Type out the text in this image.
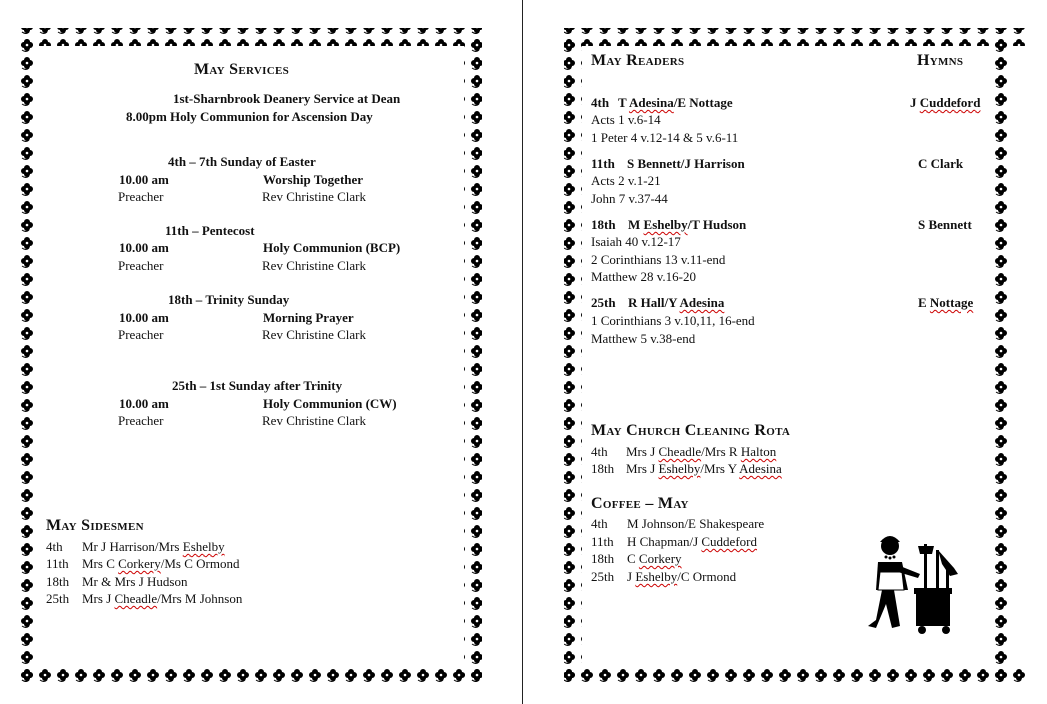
May Services
1st-Sharnbrook Deanery Service at Dean
8.00pm Holy Communion for Ascension Day
4th – 7th Sunday of Easter
10.00 am	Worship Together
Preacher	Rev Christine Clark
11th – Pentecost
10.00 am	Holy Communion (BCP)
Preacher	Rev Christine Clark
18th – Trinity Sunday
10.00 am	Morning Prayer
Preacher	Rev Christine Clark
25th – 1st Sunday after Trinity
10.00 am	Holy Communion (CW)
Preacher	Rev Christine Clark
May Sidesmen
4th Mr J Harrison/Mrs Eshelby
11th Mrs C Corkery/Ms C Ormond
18th Mr & Mrs J Hudson
25th Mrs J Cheadle/Mrs M Johnson
May Readers	Hymns
4th T Adesina/E Nottage	J Cuddeford
Acts 1 v.6-14
1 Peter 4 v.12-14 & 5 v.6-11
11th S Bennett/J Harrison	C Clark
Acts 2 v.1-21
John 7 v.37-44
18th M Eshelby/T Hudson	S Bennett
Isaiah 40 v.12-17
2 Corinthians 13 v.11-end
Matthew 28 v.16-20
25th R Hall/Y Adesina	E Nottage
1 Corinthians 3 v.10,11, 16-end
Matthew 5 v.38-end
May Church Cleaning Rota
4th Mrs J Cheadle/Mrs R Halton
18th Mrs J Eshelby/Mrs Y Adesina
Coffee – May
4th M Johnson/E Shakespeare
11th H Chapman/J Cuddeford
18th C Corkery
25th J Eshelby/C Ormond
